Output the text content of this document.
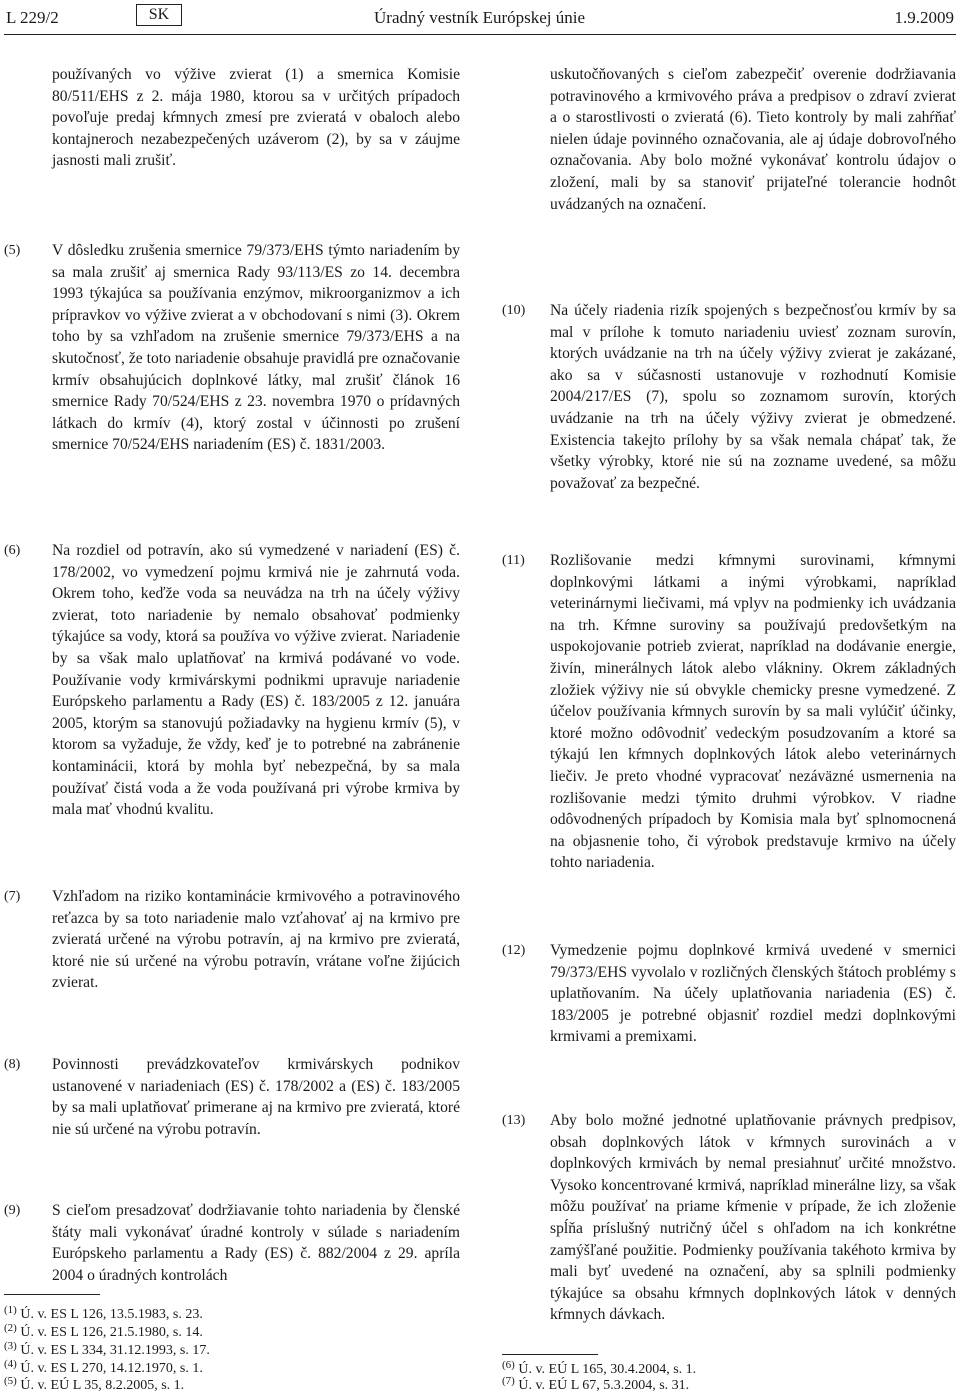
L 229/2	SK	Úradný vestník Európskej únie	1.9.2009
používaných vo výžive zvierat (1) a smernica Komisie 80/511/EHS z 2. mája 1980, ktorou sa v určitých prípadoch povoľuje predaj kŕmnych zmesí pre zvieratá v obaloch alebo kontajneroch nezabezpečených uzáverom (2), by sa v záujme jasnosti mali zrušiť.
(5) V dôsledku zrušenia smernice 79/373/EHS týmto nariadením by sa mala zrušiť aj smernica Rady 93/113/ES zo 14. decembra 1993 týkajúca sa používania enzýmov, mikroorganizmov a ich prípravkov vo výžive zvierat a v obchodovaní s nimi (3). Okrem toho by sa vzhľadom na zrušenie smernice 79/373/EHS a na skutočnosť, že toto nariadenie obsahuje pravidlá pre označovanie krmív obsahujúcich doplnkové látky, mal zrušiť článok 16 smernice Rady 70/524/EHS z 23. novembra 1970 o prídavných látkach do krmív (4), ktorý zostal v účinnosti po zrušení smernice 70/524/EHS nariadením (ES) č. 1831/2003.
(6) Na rozdiel od potravín, ako sú vymedzené v nariadení (ES) č. 178/2002, vo vymedzení pojmu krmivá nie je zahrnutá voda. Okrem toho, keďže voda sa neuvádza na trh na účely výživy zvierat, toto nariadenie by nemalo obsahovať podmienky týkajúce sa vody, ktorá sa používa vo výžive zvierat. Nariadenie by sa však malo uplatňovať na krmivá podávané vo vode. Používanie vody krmivárskymi podnikmi upravuje nariadenie Európskeho parlamentu a Rady (ES) č. 183/2005 z 12. januára 2005, ktorým sa stanovujú požiadavky na hygienu krmív (5), v ktorom sa vyžaduje, že vždy, keď je to potrebné na zabránenie kontaminácii, ktorá by mohla byť nebezpečná, by sa mala používať čistá voda a že voda používaná pri výrobe krmiva by mala mať vhodnú kvalitu.
(7) Vzhľadom na riziko kontaminácie krmivového a potravinového reťazca by sa toto nariadenie malo vzťahovať aj na krmivo pre zvieratá určené na výrobu potravín, aj na krmivo pre zvieratá, ktoré nie sú určené na výrobu potravín, vrátane voľne žijúcich zvierat.
(8) Povinnosti prevádzkovateľov krmivárskych podnikov ustanovené v nariadeniach (ES) č. 178/2002 a (ES) č. 183/2005 by sa mali uplatňovať primerane aj na krmivo pre zvieratá, ktoré nie sú určené na výrobu potravín.
(9) S cieľom presadzovať dodržiavanie tohto nariadenia by členské štáty mali vykonávať úradné kontroly v súlade s nariadením Európskeho parlamentu a Rady (ES) č. 882/2004 z 29. apríla 2004 o úradných kontrolách
$^{(1)}$ Ú. v. ES L 126, 13.5.1983, s. 23.
$^{(2)}$ Ú. v. ES L 126, 21.5.1980, s. 14.
$^{(3)}$ Ú. v. ES L 334, 31.12.1993, s. 17.
$^{(4)}$ Ú. v. ES L 270, 14.12.1970, s. 1.
$^{(5)}$ Ú. v. EÚ L 35, 8.2.2005, s. 1.
uskutočňovaných s cieľom zabezpečiť overenie dodržiavania potravinového a krmivového práva a predpisov o zdraví zvierat a o starostlivosti o zvieratá (6). Tieto kontroly by mali zahŕňať nielen údaje povinného označovania, ale aj údaje dobrovoľného označovania. Aby bolo možné vykonávať kontrolu údajov o zložení, mali by sa stanoviť prijateľné tolerancie hodnôt uvádzaných na označení.
(10) Na účely riadenia rizík spojených s bezpečnosťou krmív by sa mal v prílohe k tomuto nariadeniu uviesť zoznam surovín, ktorých uvádzanie na trh na účely výživy zvierat je zakázané, ako sa v súčasnosti ustanovuje v rozhodnutí Komisie 2004/217/ES (7), spolu so zoznamom surovín, ktorých uvádzanie na trh na účely výživy zvierat je obmedzené. Existencia takejto prílohy by sa však nemala chápať tak, že všetky výrobky, ktoré nie sú na zozname uvedené, sa môžu považovať za bezpečné.
(11) Rozlišovanie medzi kŕmnymi surovinami, kŕmnymi doplnkovými látkami a inými výrobkami, napríklad veterinárnymi liečivami, má vplyv na podmienky ich uvádzania na trh. Kŕmne suroviny sa používajú predovšetkým na uspokojovanie potrieb zvierat, napríklad na dodávanie energie, živín, minerálnych látok alebo vlákniny. Okrem základných zložiek výživy nie sú obvykle chemicky presne vymedzené. Z účelov používania kŕmnych surovín by sa mali vylúčiť účinky, ktoré možno odôvodniť vedeckým posudzovaním a ktoré sa týkajú len kŕmnych doplnkových látok alebo veterinárnych liečiv. Je preto vhodné vypracovať nezáväzné usmernenia na rozlišovanie medzi týmito druhmi výrobkov. V riadne odôvodnených prípadoch by Komisia mala byť splnomocnená na objasnenie toho, či výrobok predstavuje krmivo na účely tohto nariadenia.
(12) Vymedzenie pojmu doplnkové krmivá uvedené v smernici 79/373/EHS vyvolalo v rozličných členských štátoch problémy s uplatňovaním. Na účely uplatňovania nariadenia (ES) č. 183/2005 je potrebné objasniť rozdiel medzi doplnkovými krmivami a premixami.
(13) Aby bolo možné jednotné uplatňovanie právnych predpisov, obsah doplnkových látok v kŕmnych surovinách a v doplnkových krmivách by nemal presiahnuť určité množstvo. Vysoko koncentrované krmivá, napríklad minerálne lizy, sa však môžu používať na priame kŕmenie v prípade, že ich zloženie spĺňa príslušný nutričný účel s ohľadom na ich konkrétne zamýšľané použitie. Podmienky používania takéhoto krmiva by mali byť uvedené na označení, aby sa splnili podmienky týkajúce sa obsahu kŕmnych doplnkových látok v denných kŕmnych dávkach.
$^{(6)}$ Ú. v. EÚ L 165, 30.4.2004, s. 1.
$^{(7)}$ Ú. v. EÚ L 67, 5.3.2004, s. 31.
